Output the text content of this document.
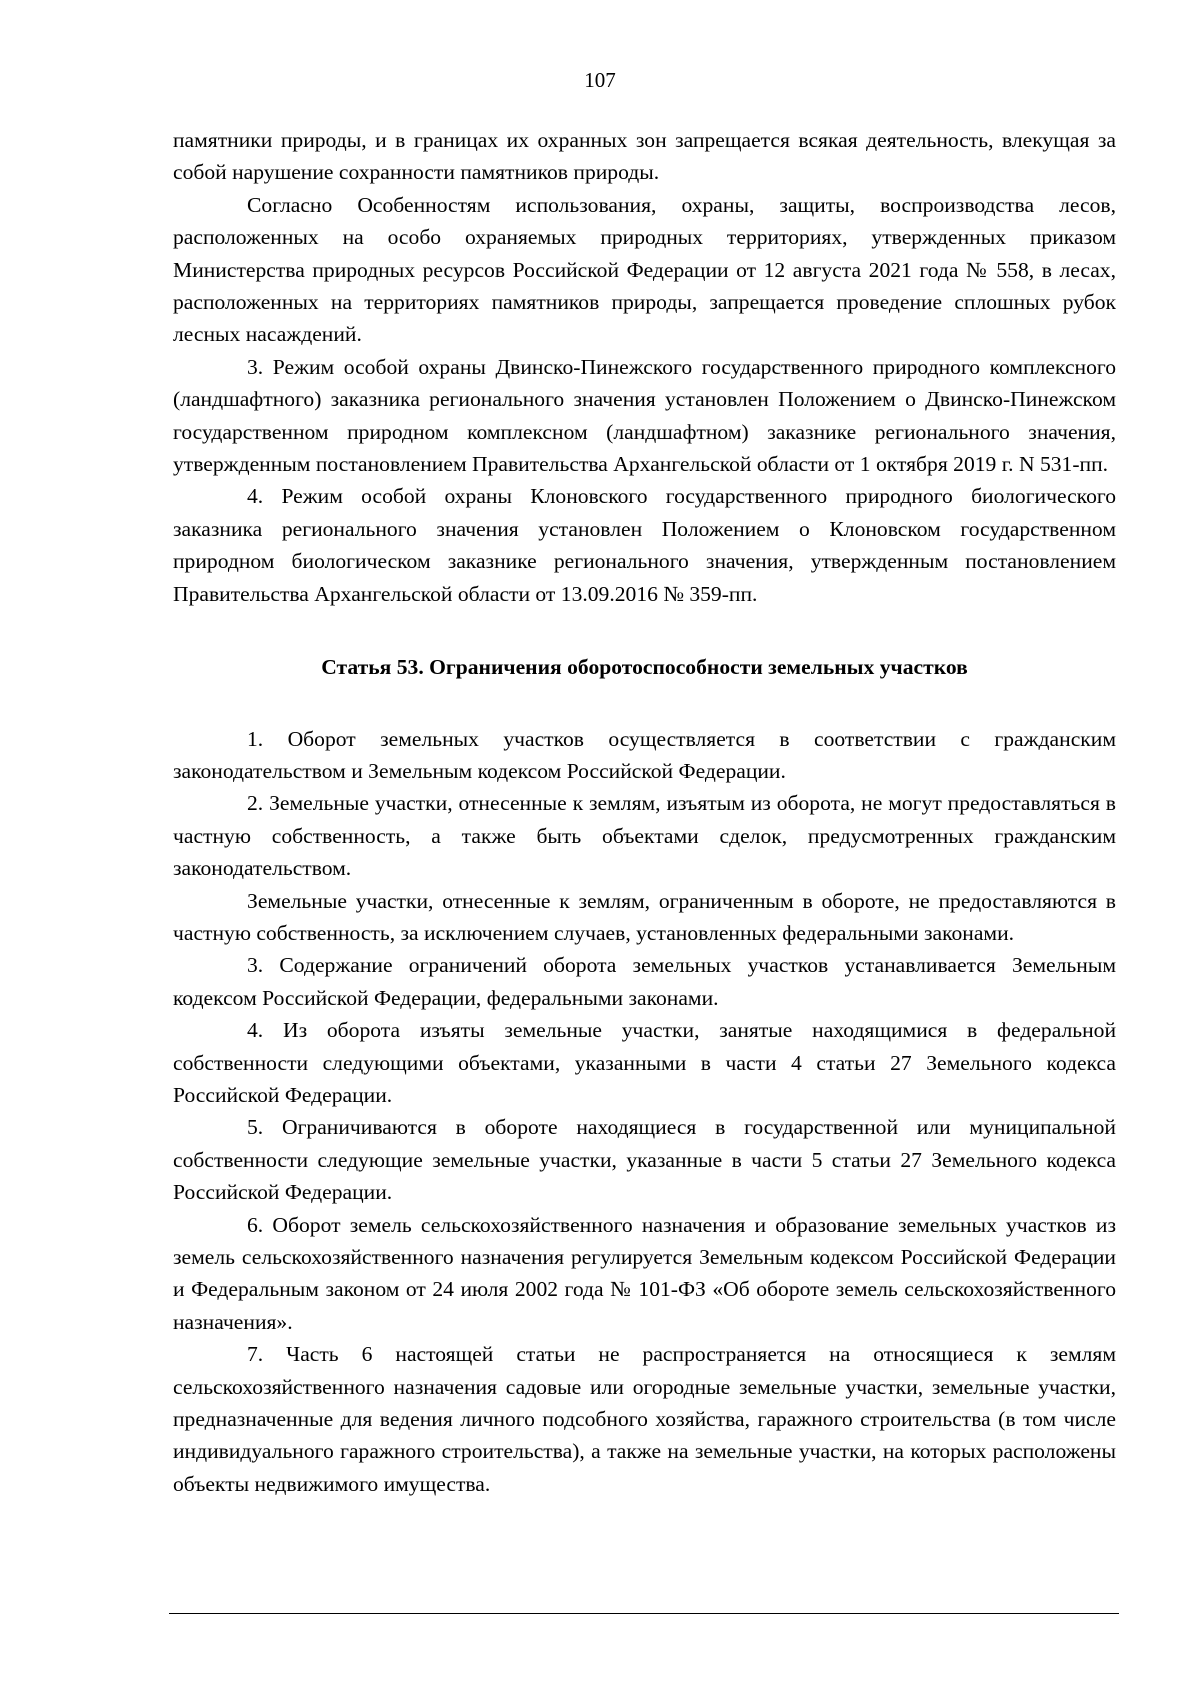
107

памятники природы, и в границах их охранных зон запрещается всякая деятельность, влекущая за собой нарушение сохранности памятников природы.

Согласно Особенностям использования, охраны, защиты, воспроизводства лесов, расположенных на особо охраняемых природных территориях, утвержденных приказом Министерства природных ресурсов Российской Федерации от 12 августа 2021 года № 558, в лесах, расположенных на территориях памятников природы, запрещается проведение сплошных рубок лесных насаждений.

3. Режим особой охраны Двинско-Пинежского государственного природного комплексного (ландшафтного) заказника регионального значения установлен Положением о Двинско-Пинежском государственном природном комплексном (ландшафтном) заказнике регионального значения, утвержденным постановлением Правительства Архангельской области от 1 октября 2019 г. N 531-пп.

4. Режим особой охраны Клоновского государственного природного биологического заказника регионального значения установлен Положением о Клоновском государственном природном биологическом заказнике регионального значения, утвержденным постановлением Правительства Архангельской области от 13.09.2016 № 359-пп.

Статья 53. Ограничения оборотоспособности земельных участков

1. Оборот земельных участков осуществляется в соответствии с гражданским законодательством и Земельным кодексом Российской Федерации.

2. Земельные участки, отнесенные к землям, изъятым из оборота, не могут предоставляться в частную собственность, а также быть объектами сделок, предусмотренных гражданским законодательством.

Земельные участки, отнесенные к землям, ограниченным в обороте, не предоставляются в частную собственность, за исключением случаев, установленных федеральными законами.

3. Содержание ограничений оборота земельных участков устанавливается Земельным кодексом Российской Федерации, федеральными законами.

4. Из оборота изъяты земельные участки, занятые находящимися в федеральной собственности следующими объектами, указанными в части 4 статьи 27 Земельного кодекса Российской Федерации.

5. Ограничиваются в обороте находящиеся в государственной или муниципальной собственности следующие земельные участки, указанные в части 5 статьи 27 Земельного кодекса Российской Федерации.

6. Оборот земель сельскохозяйственного назначения и образование земельных участков из земель сельскохозяйственного назначения регулируется Земельным кодексом Российской Федерации и Федеральным законом от 24 июля 2002 года № 101-ФЗ «Об обороте земель сельскохозяйственного назначения».

7. Часть 6 настоящей статьи не распространяется на относящиеся к землям сельскохозяйственного назначения садовые или огородные земельные участки, земельные участки, предназначенные для ведения личного подсобного хозяйства, гаражного строительства (в том числе индивидуального гаражного строительства), а также на земельные участки, на которых расположены объекты недвижимого имущества.
